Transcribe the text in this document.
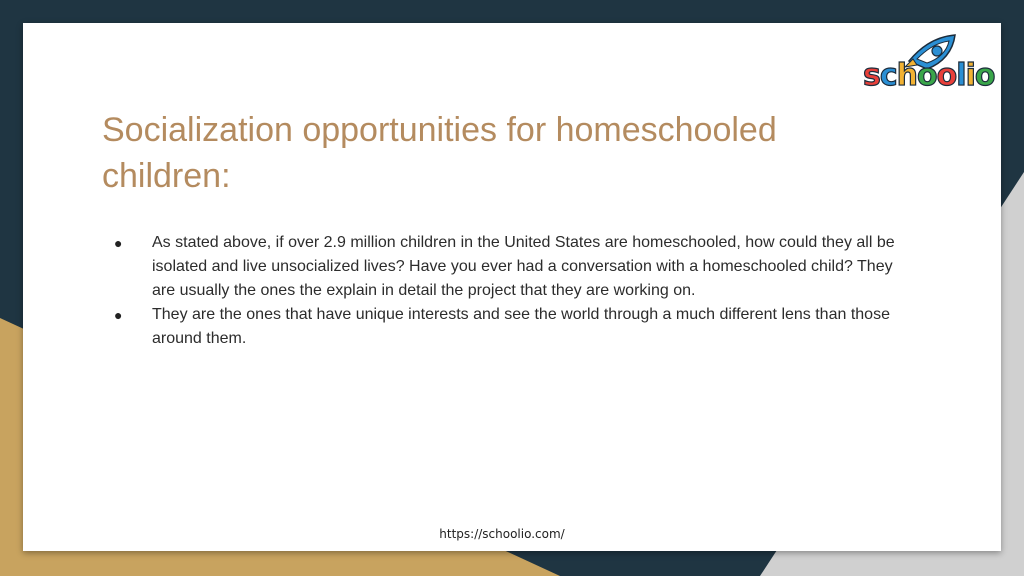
schoolio
Socialization opportunities for homeschooled children:
● As stated above, if over 2.9 million children in the United States are homeschooled, how could they all be isolated and live unsocialized lives? Have you ever had a conversation with a homeschooled child? They are usually the ones the explain in detail the project that they are working on.
● They are the ones that have unique interests and see the world through a much different lens than those around them.
https://schoolio.com/
